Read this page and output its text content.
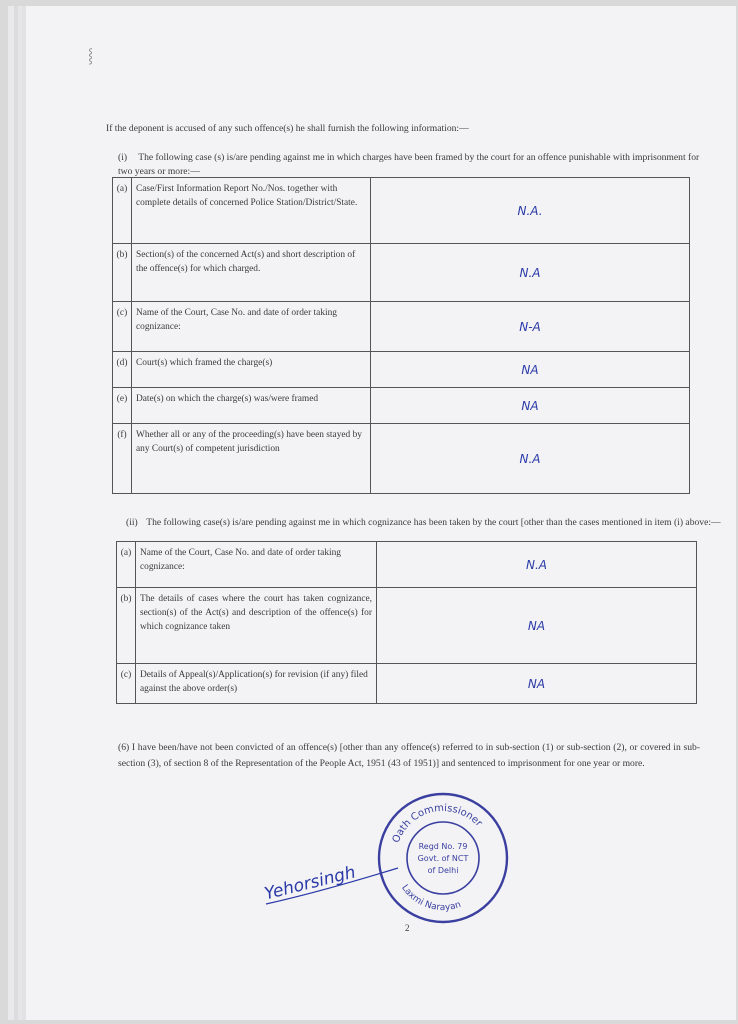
⸾
If the deponent is accused of any such offence(s) he shall furnish the following information:—
(i) The following case (s) is/are pending against me in which charges have been framed by the court for an offence punishable with imprisonment for two years or more:—
(a)	Case/First Information Report No./Nos. together with complete details of concerned Police Station/District/State.	N.A.
(b)	Section(s) of the concerned Act(s) and short description of the offence(s) for which charged.	N.A
(c)	Name of the Court, Case No. and date of order taking cognizance:	N-A
(d)	Court(s) which framed the charge(s)	NA
(e)	Date(s) on which the charge(s) was/were framed	NA
(f)	Whether all or any of the proceeding(s) have been stayed by any Court(s) of competent jurisdiction	N.A
(ii) The following case(s) is/are pending against me in which cognizance has been taken by the court [other than the cases mentioned in item (i) above:—
(a)	Name of the Court, Case No. and date of order taking cognizance:	N.A
(b)	The details of cases where the court has taken cognizance, section(s) of the Act(s) and description of the offence(s) for which cognizance taken	NA
(c)	Details of Appeal(s)/Application(s) for revision (if any) filed against the above order(s)	NA
(6) I have been/have not been convicted of an offence(s) [other than any offence(s) referred to in sub-section (1) or sub-section (2), or covered in sub-section (3), of section 8 of the Representation of the People Act, 1951 (43 of 1951)] and sentenced to imprisonment for one year or more.
Yehorsingh
Oath Commissioner
Laxmi Narayan
Regd No. 79
Govt. of NCT
of Delhi
2
